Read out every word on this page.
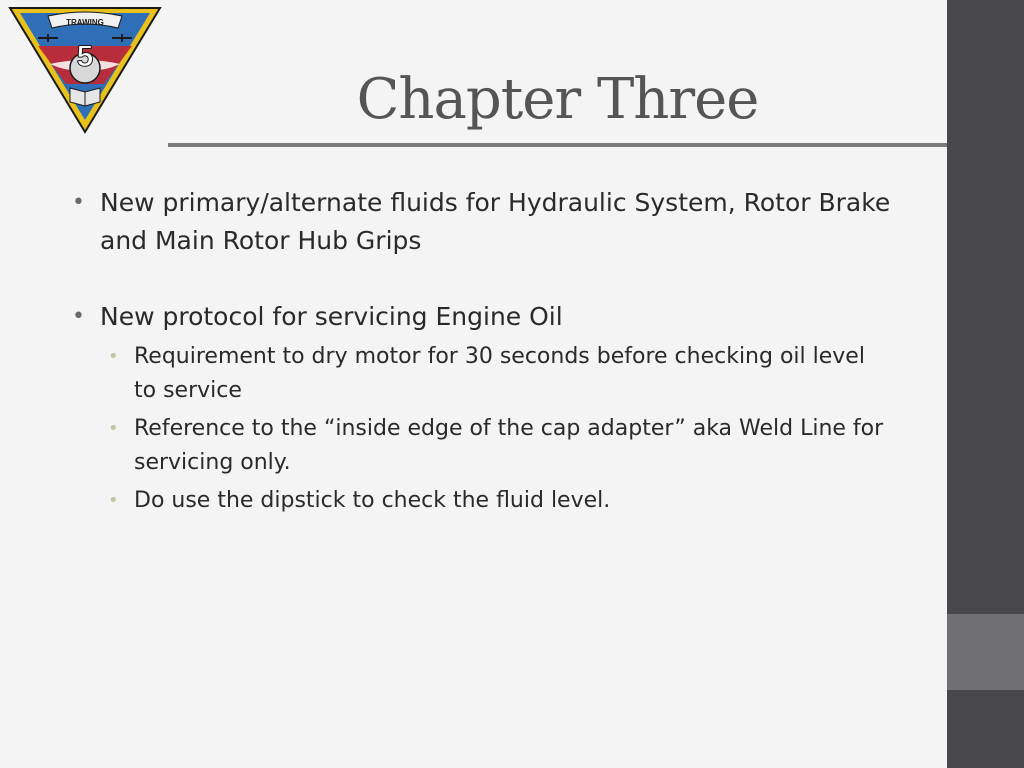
TRAWING
5
Chapter Three
• New primary/alternate fluids for Hydraulic System, Rotor Brake and Main Rotor Hub Grips
• New protocol for servicing Engine Oil
• Requirement to dry motor for 30 seconds before checking oil level to service
• Reference to the “inside edge of the cap adapter” aka Weld Line for servicing only.
• Do use the dipstick to check the fluid level.
